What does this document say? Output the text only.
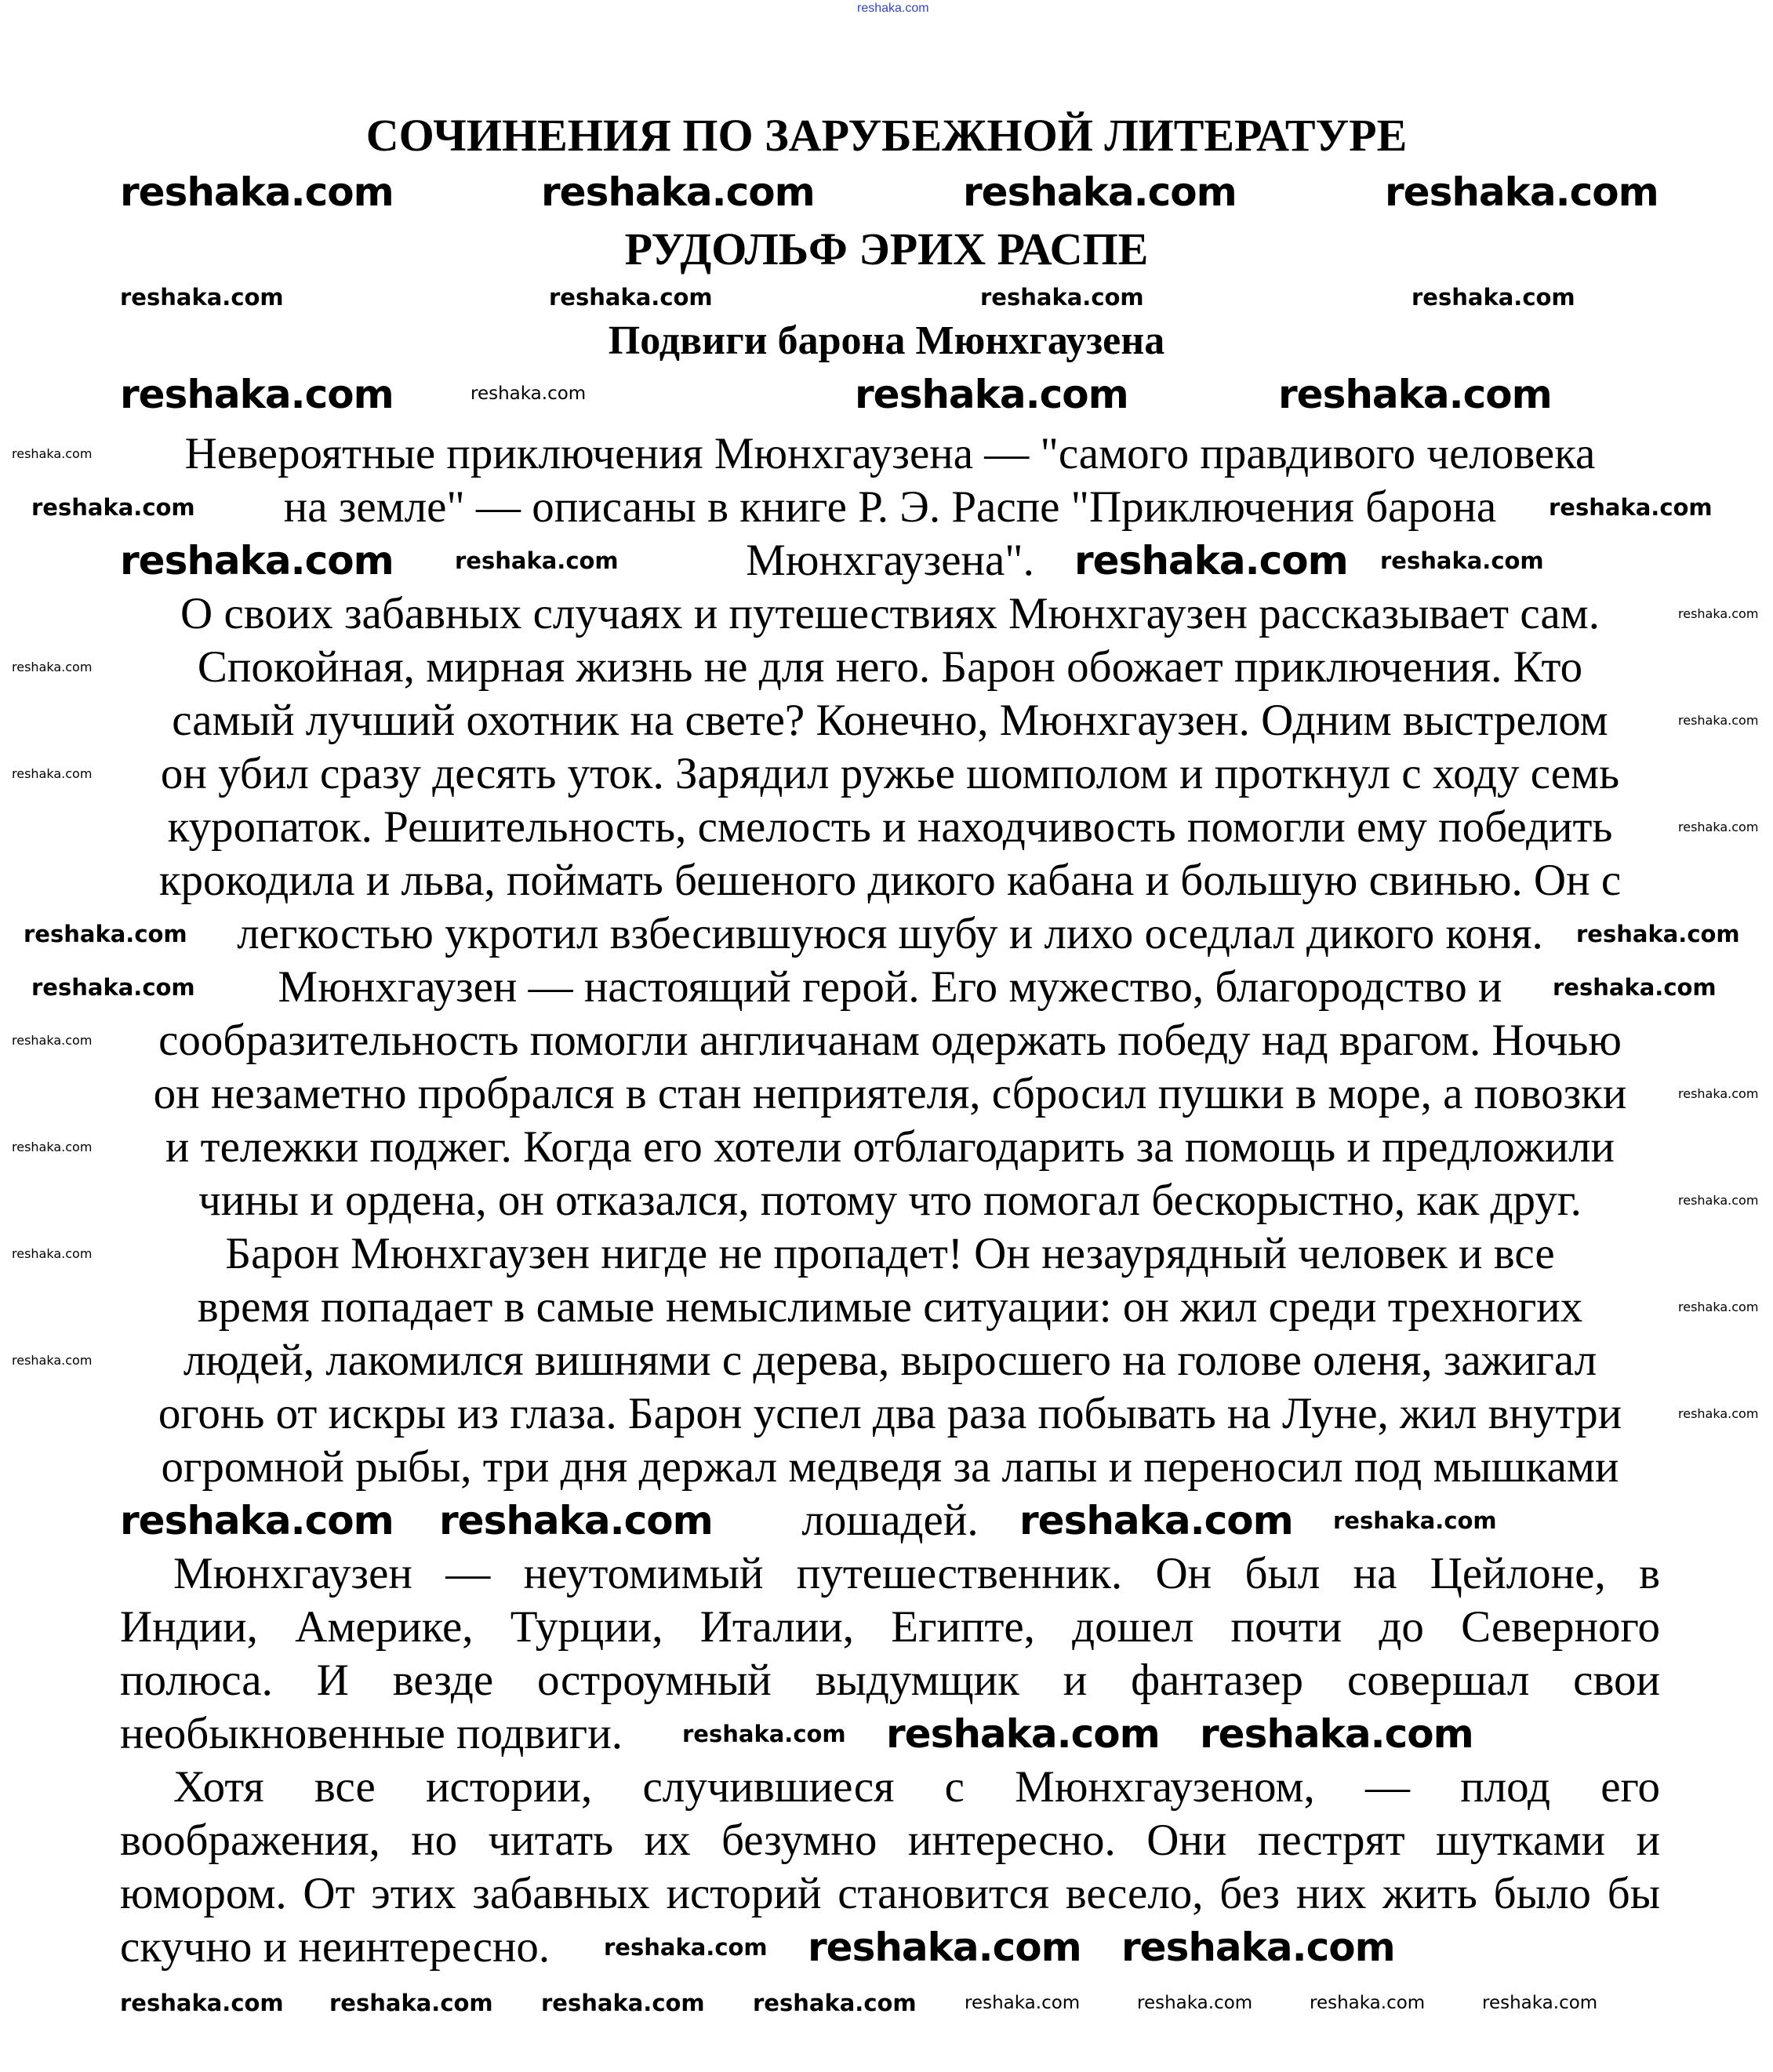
reshaka.com
СОЧИНЕНИЯ ПО ЗАРУБЕЖНОЙ ЛИТЕРАТУРЕ
РУДОЛЬФ ЭРИХ РАСПЕ
Подвиги барона Мюнхгаузена
Невероятные приключения Мюнхгаузена — "самого правдивого человека
на земле" — описаны в книге Р. Э. Распе "Приключения барона
Мюнхгаузена".
О своих забавных случаях и путешествиях Мюнхгаузен рассказывает сам.
Спокойная, мирная жизнь не для него. Барон обожает приключения. Кто
самый лучший охотник на свете? Конечно, Мюнхгаузен. Одним выстрелом
он убил сразу десять уток. Зарядил ружье шомполом и проткнул с ходу семь
куропаток. Решительность, смелость и находчивость помогли ему победить
крокодила и льва, поймать бешеного дикого кабана и большую свинью. Он с
легкостью укротил взбесившуюся шубу и лихо оседлал дикого коня.
Мюнхгаузен — настоящий герой. Его мужество, благородство и
сообразительность помогли англичанам одержать победу над врагом. Ночью
он незаметно пробрался в стан неприятеля, сбросил пушки в море, а повозки
и тележки поджег. Когда его хотели отблагодарить за помощь и предложили
чины и ордена, он отказался, потому что помогал бескорыстно, как друг.
Барон Мюнхгаузен нигде не пропадет! Он незаурядный человек и все
время попадает в самые немыслимые ситуации: он жил среди трехногих
людей, лакомился вишнями с дерева, выросшего на голове оленя, зажигал
огонь от искры из глаза. Барон успел два раза побывать на Луне, жил внутри
огромной рыбы, три дня держал медведя за лапы и переносил под мышками
лошадей.
Мюнхгаузен — неутомимый путешественник. Он был на Цейлоне, в
Индии, Америке, Турции, Италии, Египте, дошел почти до Северного
полюса. И везде остроумный выдумщик и фантазер совершал свои
необыкновенные подвиги.
Хотя все истории, случившиеся с Мюнхгаузеном, — плод его
воображения, но читать их безумно интересно. Они пестрят шутками и
юмором. От этих забавных историй становится весело, без них жить было бы
скучно и неинтересно.
reshaka.com	reshaka.com	reshaka.com	reshaka.com
reshaka.com	reshaka.com	reshaka.com	reshaka.com
reshaka.com	reshaka.com	reshaka.com
reshaka.com
reshaka.com	reshaka.com
reshaka.com	reshaka.com
reshaka.com	reshaka.com
reshaka.com	reshaka.com
reshaka.com	reshaka.com
reshaka.com reshaka.com	reshaka.com reshaka.com
reshaka.com reshaka.com reshaka.com
reshaka.com reshaka.com reshaka.com
reshaka.com reshaka.com reshaka.com reshaka.com	reshaka.com	reshaka.com	reshaka.com	reshaka.com
reshaka.com
reshaka.com
reshaka.com
reshaka.com
reshaka.com
reshaka.com
reshaka.com
reshaka.com
reshaka.com
reshaka.com
reshaka.com
reshaka.com
reshaka.com
reshaka.com
